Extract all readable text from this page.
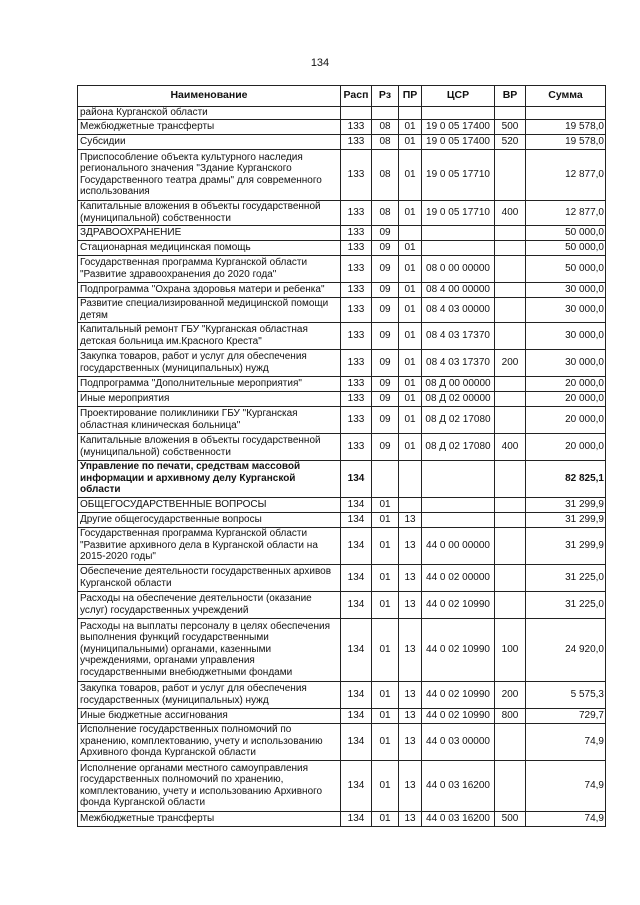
134
Наименование	Расп	Рз	ПР	ЦСР	ВР	Сумма
района Курганской области						
Межбюджетные трансферты	133	08	01	19 0 05 17400	500	19 578,0
Субсидии	133	08	01	19 0 05 17400	520	19 578,0
Приспособление объекта культурного наследия регионального значения "Здание Курганского Государственного театра драмы" для современного использования	133	08	01	19 0 05 17710		12 877,0
Капитальные вложения в объекты государственной (муниципальной) собственности	133	08	01	19 0 05 17710	400	12 877,0
ЗДРАВООХРАНЕНИЕ	133	09				50 000,0
Стационарная медицинская помощь	133	09	01			50 000,0
Государственная программа Курганской области "Развитие здравоохранения до 2020 года"	133	09	01	08 0 00 00000		50 000,0
Подпрограмма "Охрана здоровья матери и ребенка"	133	09	01	08 4 00 00000		30 000,0
Развитие специализированной медицинской помощи детям	133	09	01	08 4 03 00000		30 000,0
Капитальный ремонт ГБУ "Курганская областная детская больница им.Красного Креста"	133	09	01	08 4 03 17370		30 000,0
Закупка товаров, работ и услуг для обеспечения государственных (муниципальных) нужд	133	09	01	08 4 03 17370	200	30 000,0
Подпрограмма "Дополнительные мероприятия"	133	09	01	08 Д 00 00000		20 000,0
Иные мероприятия	133	09	01	08 Д 02 00000		20 000,0
Проектирование поликлиники ГБУ "Курганская областная клиническая больница"	133	09	01	08 Д 02 17080		20 000,0
Капитальные вложения в объекты государственной (муниципальной) собственности	133	09	01	08 Д 02 17080	400	20 000,0
Управление по печати, средствам массовой информации и архивному делу Курганской области	134					82 825,1
ОБЩЕГОСУДАРСТВЕННЫЕ ВОПРОСЫ	134	01				31 299,9
Другие общегосударственные вопросы	134	01	13			31 299,9
Государственная программа Курганской области "Развитие архивного дела в Курганской области на 2015-2020 годы"	134	01	13	44 0 00 00000		31 299,9
Обеспечение деятельности государственных архивов Курганской области	134	01	13	44 0 02 00000		31 225,0
Расходы на обеспечение деятельности (оказание услуг) государственных учреждений	134	01	13	44 0 02 10990		31 225,0
Расходы на выплаты персоналу в целях обеспечения выполнения функций государственными (муниципальными) органами, казенными учреждениями, органами управления государственными внебюджетными фондами	134	01	13	44 0 02 10990	100	24 920,0
Закупка товаров, работ и услуг для обеспечения государственных (муниципальных) нужд	134	01	13	44 0 02 10990	200	5 575,3
Иные бюджетные ассигнования	134	01	13	44 0 02 10990	800	729,7
Исполнение государственных полномочий по хранению, комплектованию, учету и использованию Архивного фонда Курганской области	134	01	13	44 0 03 00000		74,9
Исполнение органами местного самоуправления государственных полномочий по хранению, комплектованию, учету и использованию Архивного фонда Курганской области	134	01	13	44 0 03 16200		74,9
Межбюджетные трансферты	134	01	13	44 0 03 16200	500	74,9
